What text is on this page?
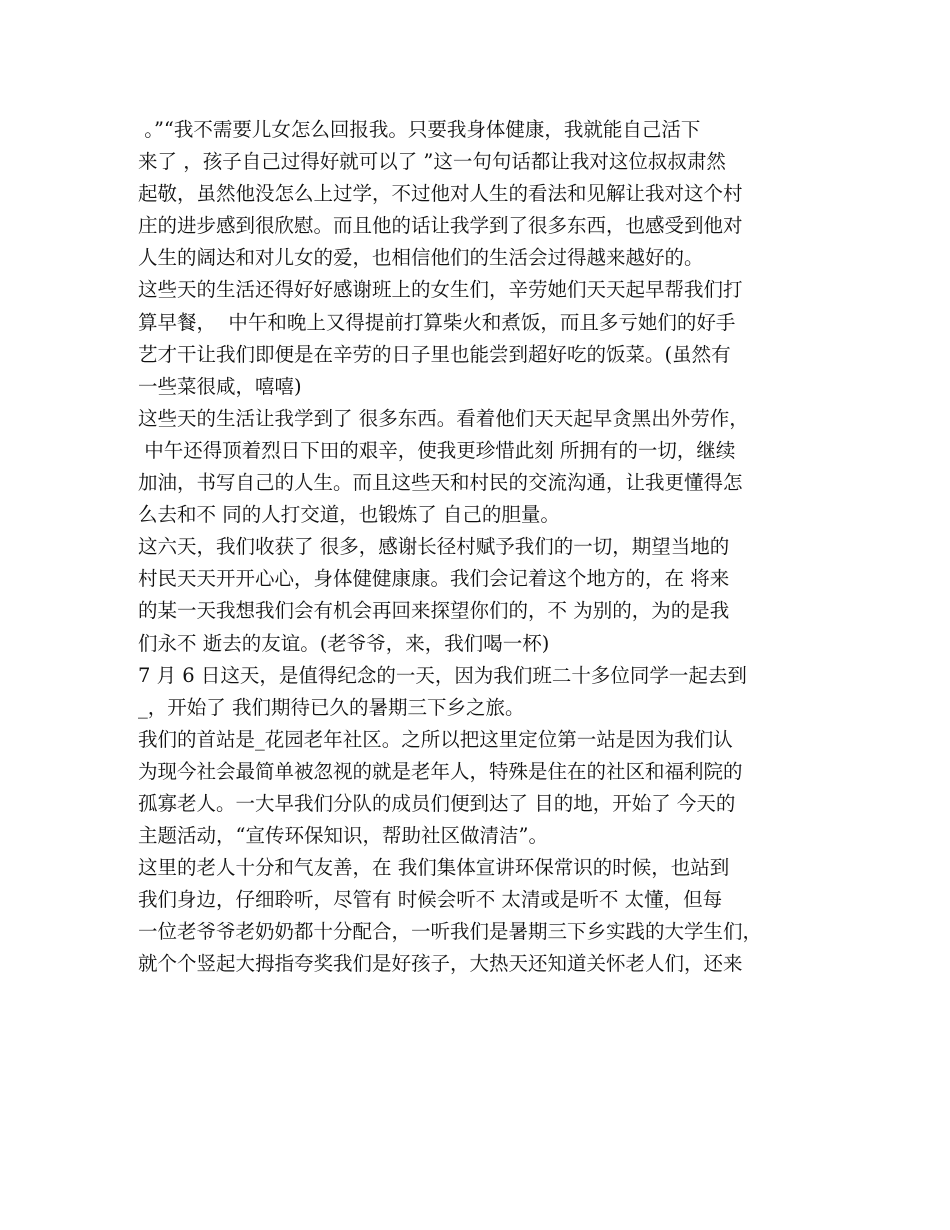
。”“我不需要儿女怎么回报我。只要我身体健康，我就能自己活下
来了 ，孩子自己过得好就可以了 ”这一句句话都让我对这位叔叔肃然
起敬，虽然他没怎么上过学，不过他对人生的看法和见解让我对这个村
庄的进步感到很欣慰。而且他的话让我学到了很多东西，也感受到他对
人生的阔达和对儿女的爱，也相信他们的生活会过得越来越好的。
这些天的生活还得好好感谢班上的女生们，辛劳她们天天起早帮我们打
算早餐，  中午和晚上又得提前打算柴火和煮饭，而且多亏她们的好手
艺才干让我们即便是在辛劳的日子里也能尝到超好吃的饭菜。(虽然有
一些菜很咸，嘻嘻)
这些天的生活让我学到了 很多东西。看着他们天天起早贪黑出外劳作，
中午还得顶着烈日下田的艰辛，使我更珍惜此刻 所拥有的一切，继续
加油，书写自己的人生。而且这些天和村民的交流沟通，让我更懂得怎
么去和不 同的人打交道，也锻炼了 自己的胆量。
这六天，我们收获了 很多，感谢长径村赋予我们的一切，期望当地的
村民天天开开心心，身体健健康康。我们会记着这个地方的，在 将来
的某一天我想我们会有机会再回来探望你们的，不 为别的，为的是我
们永不 逝去的友谊。(老爷爷，来，我们喝一杯)
7 月 6 日这天，是值得纪念的一天，因为我们班二十多位同学一起去到
_，开始了 我们期待已久的暑期三下乡之旅。
我们的首站是_花园老年社区。之所以把这里定位第一站是因为我们认
为现今社会最简单被忽视的就是老年人，特殊是住在的社区和福利院的
孤寡老人。一大早我们分队的成员们便到达了 目的地，开始了 今天的
主题活动，“宣传环保知识，帮助社区做清洁”。
这里的老人十分和气友善，在 我们集体宣讲环保常识的时候，也站到
我们身边，仔细聆听，尽管有 时候会听不 太清或是听不 太懂，但每
一位老爷爷老奶奶都十分配合，一听我们是暑期三下乡实践的大学生们，
就个个竖起大拇指夸奖我们是好孩子，大热天还知道关怀老人们，还来
